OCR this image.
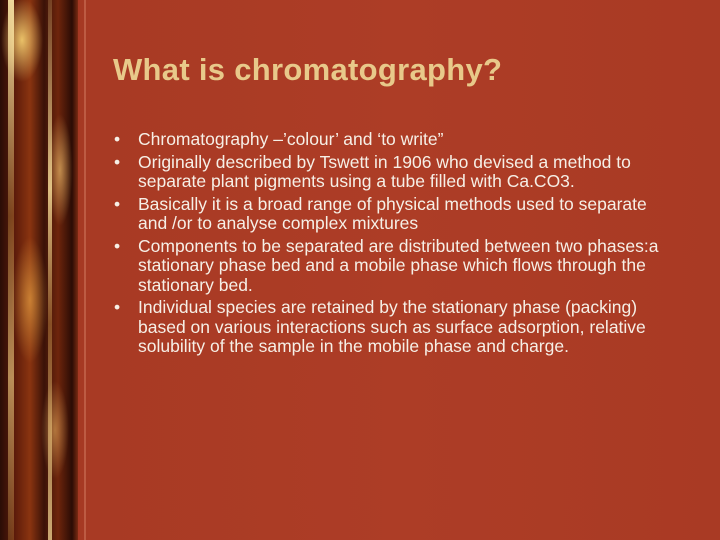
What is chromatography?
• Chromatography –’colour’ and ‘to write”
• Originally described by Tswett in 1906 who devised a method to separate plant pigments using a tube filled with Ca.CO3.
• Basically it is a broad range of physical methods used to separate and /or to analyse complex mixtures
• Components to be separated are distributed between two phases:a stationary phase bed and a mobile phase which flows through the stationary bed.
• Individual species are retained by the stationary phase (packing) based on various interactions such as surface adsorption, relative solubility of the sample in the mobile phase and charge.
